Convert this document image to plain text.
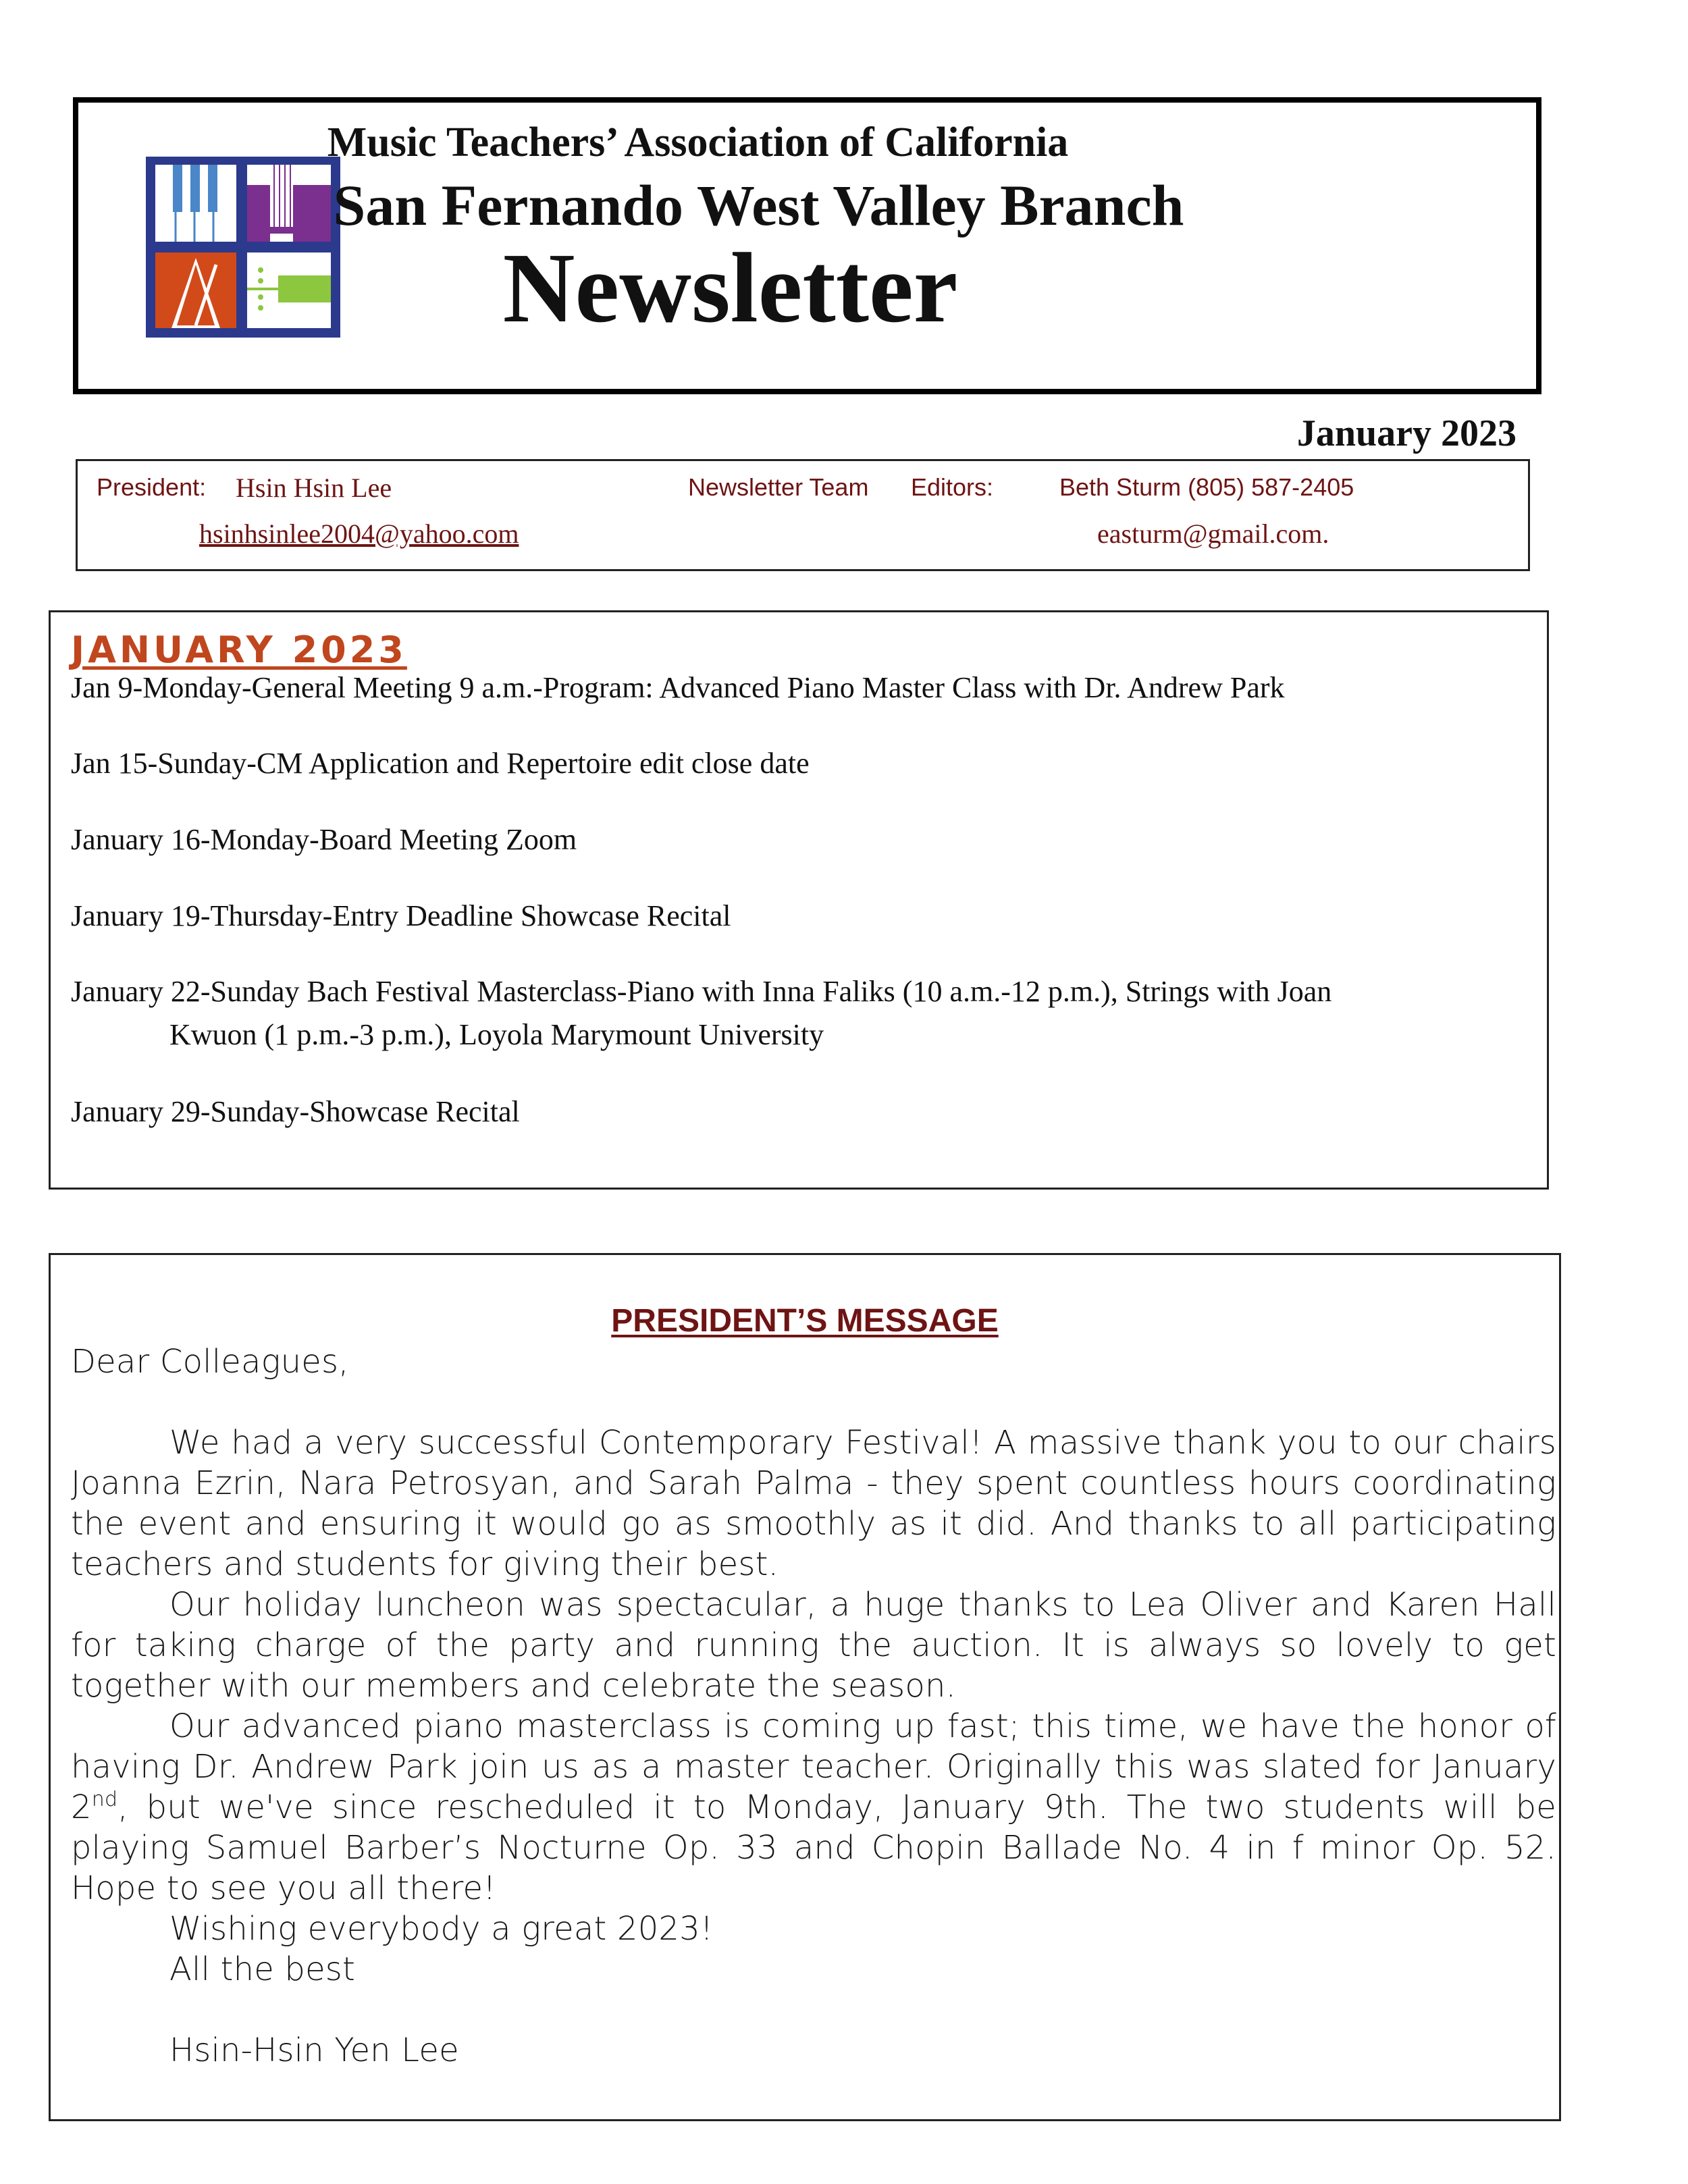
Music Teachers’ Association of California
San Fernando West Valley Branch
Newsletter
January 2023
President: Hsin Hsin Lee
hsinhsinlee2004@yahoo.com
Newsletter Team Editors:	Beth Sturm (805) 587-2405
easturm@gmail.com.
JANUARY 2023

Jan 9-Monday-General Meeting 9 a.m.-Program: Advanced Piano Master Class with Dr. Andrew Park

Jan 15-Sunday-CM Application and Repertoire edit close date

January 16-Monday-Board Meeting Zoom

January 19-Thursday-Entry Deadline Showcase Recital

January 22-Sunday Bach Festival Masterclass-Piano with Inna Faliks (10 a.m.-12 p.m.), Strings with Joan
Kwuon (1 p.m.-3 p.m.), Loyola Marymount University

January 29-Sunday-Showcase Recital

PRESIDENT’S MESSAGE

Dear Colleagues,

We had a very successful Contemporary Festival! A massive thank you to our chairs Joanna Ezrin, Nara Petrosyan, and Sarah Palma - they spent countless hours coordinating the event and ensuring it would go as smoothly as it did. And thanks to all participating teachers and students for giving their best.

Our holiday luncheon was spectacular, a huge thanks to Lea Oliver and Karen Hall for taking charge of the party and running the auction. It is always so lovely to get together with our members and celebrate the season.

Our advanced piano masterclass is coming up fast; this time, we have the honor of having Dr. Andrew Park join us as a master teacher. Originally this was slated for January 2nd, but we've since rescheduled it to Monday, January 9th. The two students will be playing Samuel Barber’s Nocturne Op. 33 and Chopin Ballade No. 4 in f minor Op. 52. Hope to see you all there!

Wishing everybody a great 2023!

All the best

Hsin-Hsin Yen Lee
